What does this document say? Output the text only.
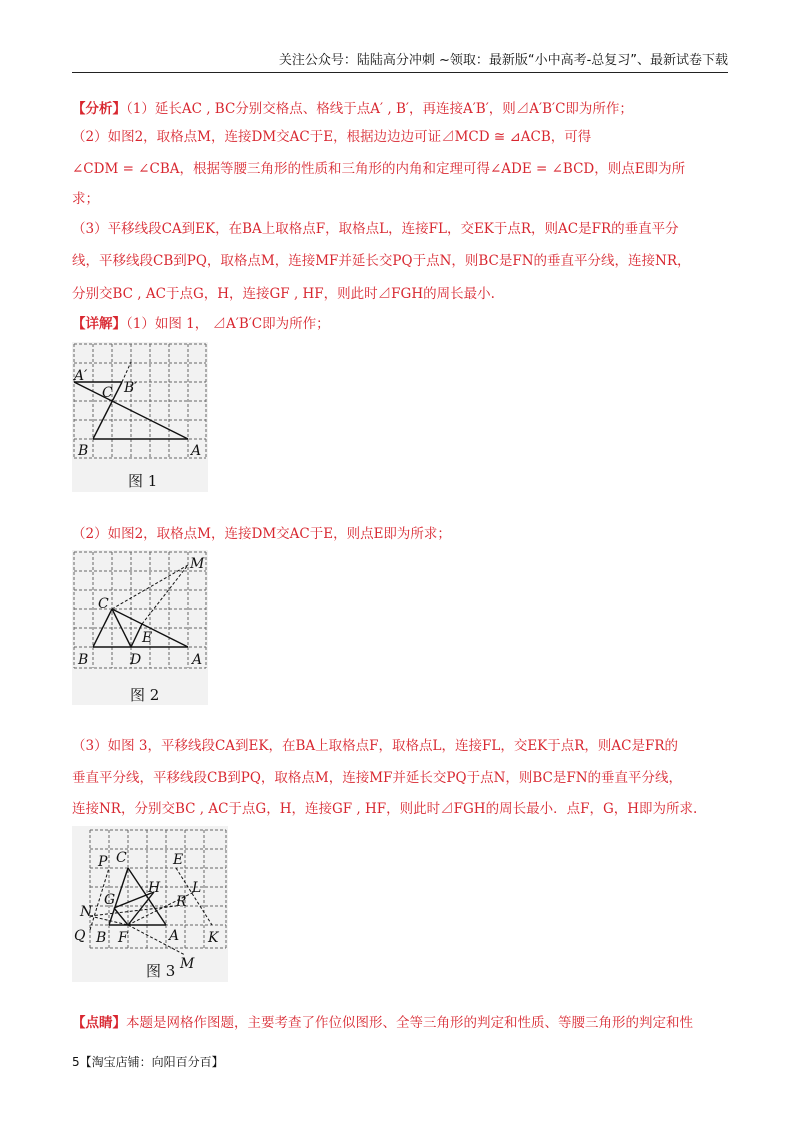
关注公众号：陆陆高分冲刺 ~领取：最新版“小中高考-总复习”、最新试卷下载
【分析】（1）延长AC , BC分别交格点、格线于点A′ , B′，再连接A′B′，则⊿A′B′C即为所作；
（2）如图2，取格点M，连接DM交AC于E，根据边边边可证⊿MCD ≅ ⊿ACB，可得
∠CDM = ∠CBA，根据等腰三角形的性质和三角形的内角和定理可得∠ADE = ∠BCD，则点E即为所
求；
（3）平移线段CA到EK，在BA上取格点F，取格点L，连接FL，交EK于点R，则AC是FR的垂直平分
线，平移线段CB到PQ，取格点M，连接MF并延长交PQ于点N，则BC是FN的垂直平分线，连接NR，
分别交BC , AC于点G，H，连接GF , HF，则此时⊿FGH的周长最小.
【详解】（1）如图 1， ⊿A′B′C即为所作；
A′
B′
C
B	A
图 1
（2）如图2，取格点M，连接DM交AC于E，则点E即为所求；
M
C
E
B	D	A
图 2
（3）如图 3，平移线段CA到EK，在BA上取格点F，取格点L，连接FL，交EK于点R，则AC是FR的
垂直平分线，平移线段CB到PQ，取格点M，连接MF并延长交PQ于点N，则BC是FN的垂直平分线，
连接NR，分别交BC , AC于点G，H，连接GF , HF，则此时⊿FGH的周长最小．点F，G，H即为所求.
P C	E
H L
G	R
N
Q B F	A K
M
图 3
【点睛】本题是网格作图题，主要考查了作位似图形、全等三角形的判定和性质、等腰三角形的判定和性
5【淘宝店铺：向阳百分百】
